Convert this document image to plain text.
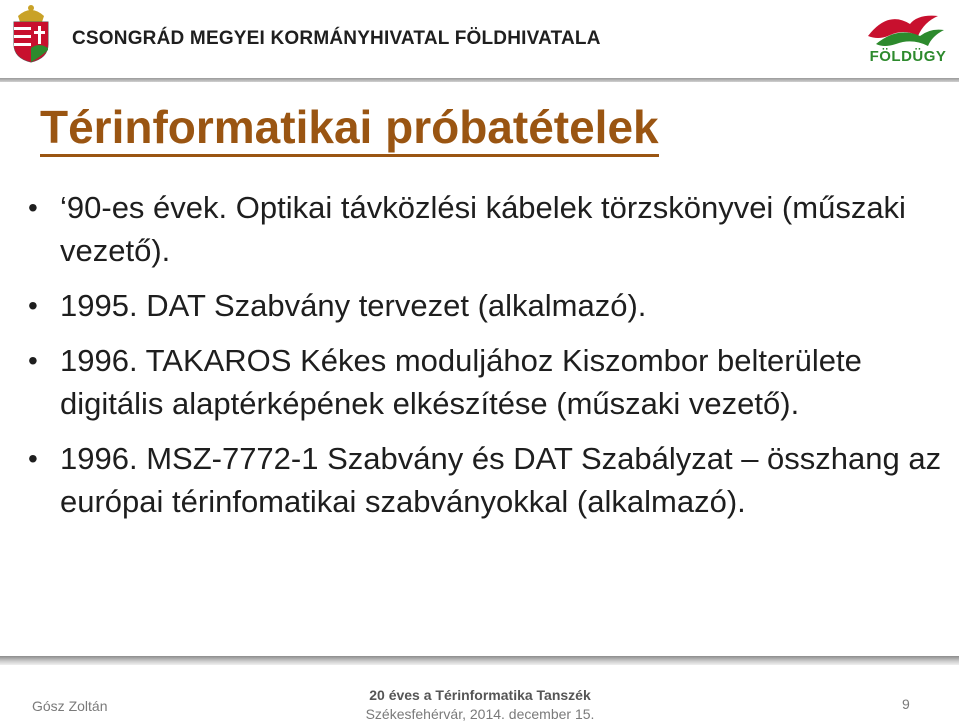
CSONGRÁD MEGYEI KORMÁNYHIVATAL FÖLDHIVATALA
FÖLDÜGY
Térinformatikai próbatételek
• ‘90-es évek. Optikai távközlési kábelek törzskönyvei (műszaki vezető).
• 1995. DAT Szabvány tervezet (alkalmazó).
• 1996. TAKAROS Kékes moduljához Kiszombor belterülete digitális alaptérképének elkészítése (műszaki vezető).
• 1996. MSZ-7772-1 Szabvány és DAT Szabályzat – összhang az európai térinfomatikai szabványokkal (alkalmazó).
Gósz Zoltán
20 éves a Térinformatika Tanszék
Székesfehérvár, 2014. december 15.
9
